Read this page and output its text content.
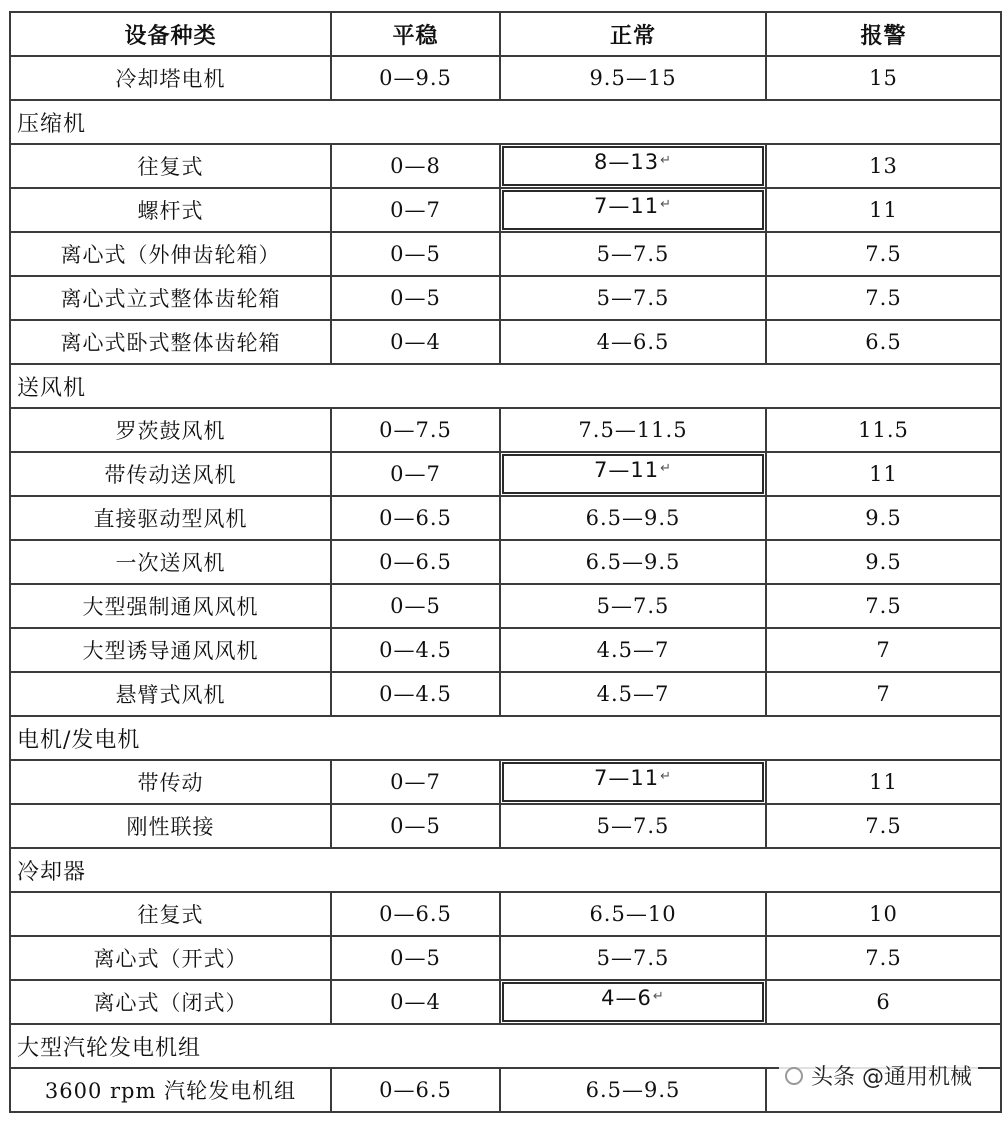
设备种类	平稳	正常	报警
冷却塔电机	0—9.5	9.5—15	15
压缩机			
往复式	0—8	8—13 ↵	13
螺杆式	0—7	7—11 ↵	11
离心式（外伸齿轮箱）	0—5	5—7.5	7.5
离心式立式整体齿轮箱	0—5	5—7.5	7.5
离心式卧式整体齿轮箱	0—4	4—6.5	6.5
送风机			
罗茨鼓风机	0—7.5	7.5—11.5	11.5
带传动送风机	0—7	7—11 ↵	11
直接驱动型风机	0—6.5	6.5—9.5	9.5
一次送风机	0—6.5	6.5—9.5	9.5
大型强制通风风机	0—5	5—7.5	7.5
大型诱导通风风机	0—4.5	4.5—7	7
悬臂式风机	0—4.5	4.5—7	7
电机/发电机			
带传动	0—7	7—11 ↵	11
刚性联接	0—5	5—7.5	7.5
冷却器			
往复式	0—6.5	6.5—10	10
离心式（开式）	0—5	5—7.5	7.5
离心式（闭式）	0—4	4—6 ↵	6
大型汽轮发电机组			
3600 rpm 汽轮发电机组	0—6.5	6.5—9.5		头条 @通用机械
